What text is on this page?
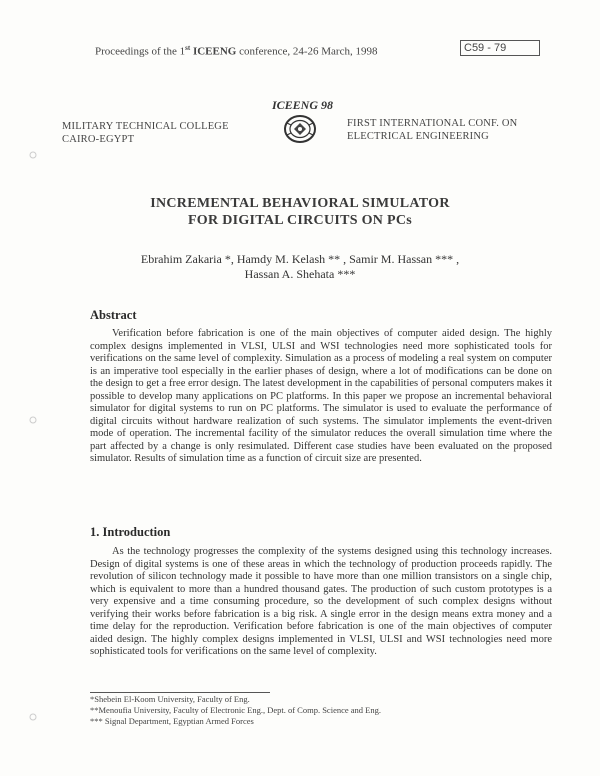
Proceedings of the 1st ICEENG conference, 24-26 March, 1998	C59 - 79
MILITARY TECHNICAL COLLEGE
CAIRO-EGYPT
ICEENG 98
FIRST INTERNATIONAL CONF. ON
ELECTRICAL ENGINEERING
INCREMENTAL BEHAVIORAL SIMULATOR
FOR DIGITAL CIRCUITS ON PCs
Ebrahim Zakaria *, Hamdy M. Kelash ** , Samir M. Hassan *** ,
Hassan A. Shehata ***
Abstract
Verification before fabrication is one of the main objectives of computer aided design. The highly complex designs implemented in VLSI, ULSI and WSI technologies need more sophisticated tools for verifications on the same level of complexity. Simulation as a process of modeling a real system on computer is an imperative tool especially in the earlier phases of design, where a lot of modifications can be done on the design to get a free error design. The latest development in the capabilities of personal computers makes it possible to develop many applications on PC platforms. In this paper we propose an incremental behavioral simulator for digital systems to run on PC platforms. The simulator is used to evaluate the performance of digital circuits without hardware realization of such systems. The simulator implements the event-driven mode of operation. The incremental facility of the simulator reduces the overall simulation time where the part affected by a change is only resimulated. Different case studies have been evaluated on the proposed simulator. Results of simulation time as a function of circuit size are presented.
1. Introduction
As the technology progresses the complexity of the systems designed using this technology increases. Design of digital systems is one of these areas in which the technology of production proceeds rapidly. The revolution of silicon technology made it possible to have more than one million transistors on a single chip, which is equivalent to more than a hundred thousand gates. The production of such custom prototypes is a very expensive and a time consuming procedure, so the development of such complex designs without verifying their works before fabrication is a big risk. A single error in the design means extra money and a time delay for the reproduction. Verification before fabrication is one of the main objectives of computer aided design. The highly complex designs implemented in VLSI, ULSI and WSI technologies need more sophisticated tools for verifications on the same level of complexity.
*Shebein El-Koom University, Faculty of Eng.
**Menoufia University, Faculty of Electronic Eng., Dept. of Comp. Science and Eng.
*** Signal Department, Egyptian Armed Forces
